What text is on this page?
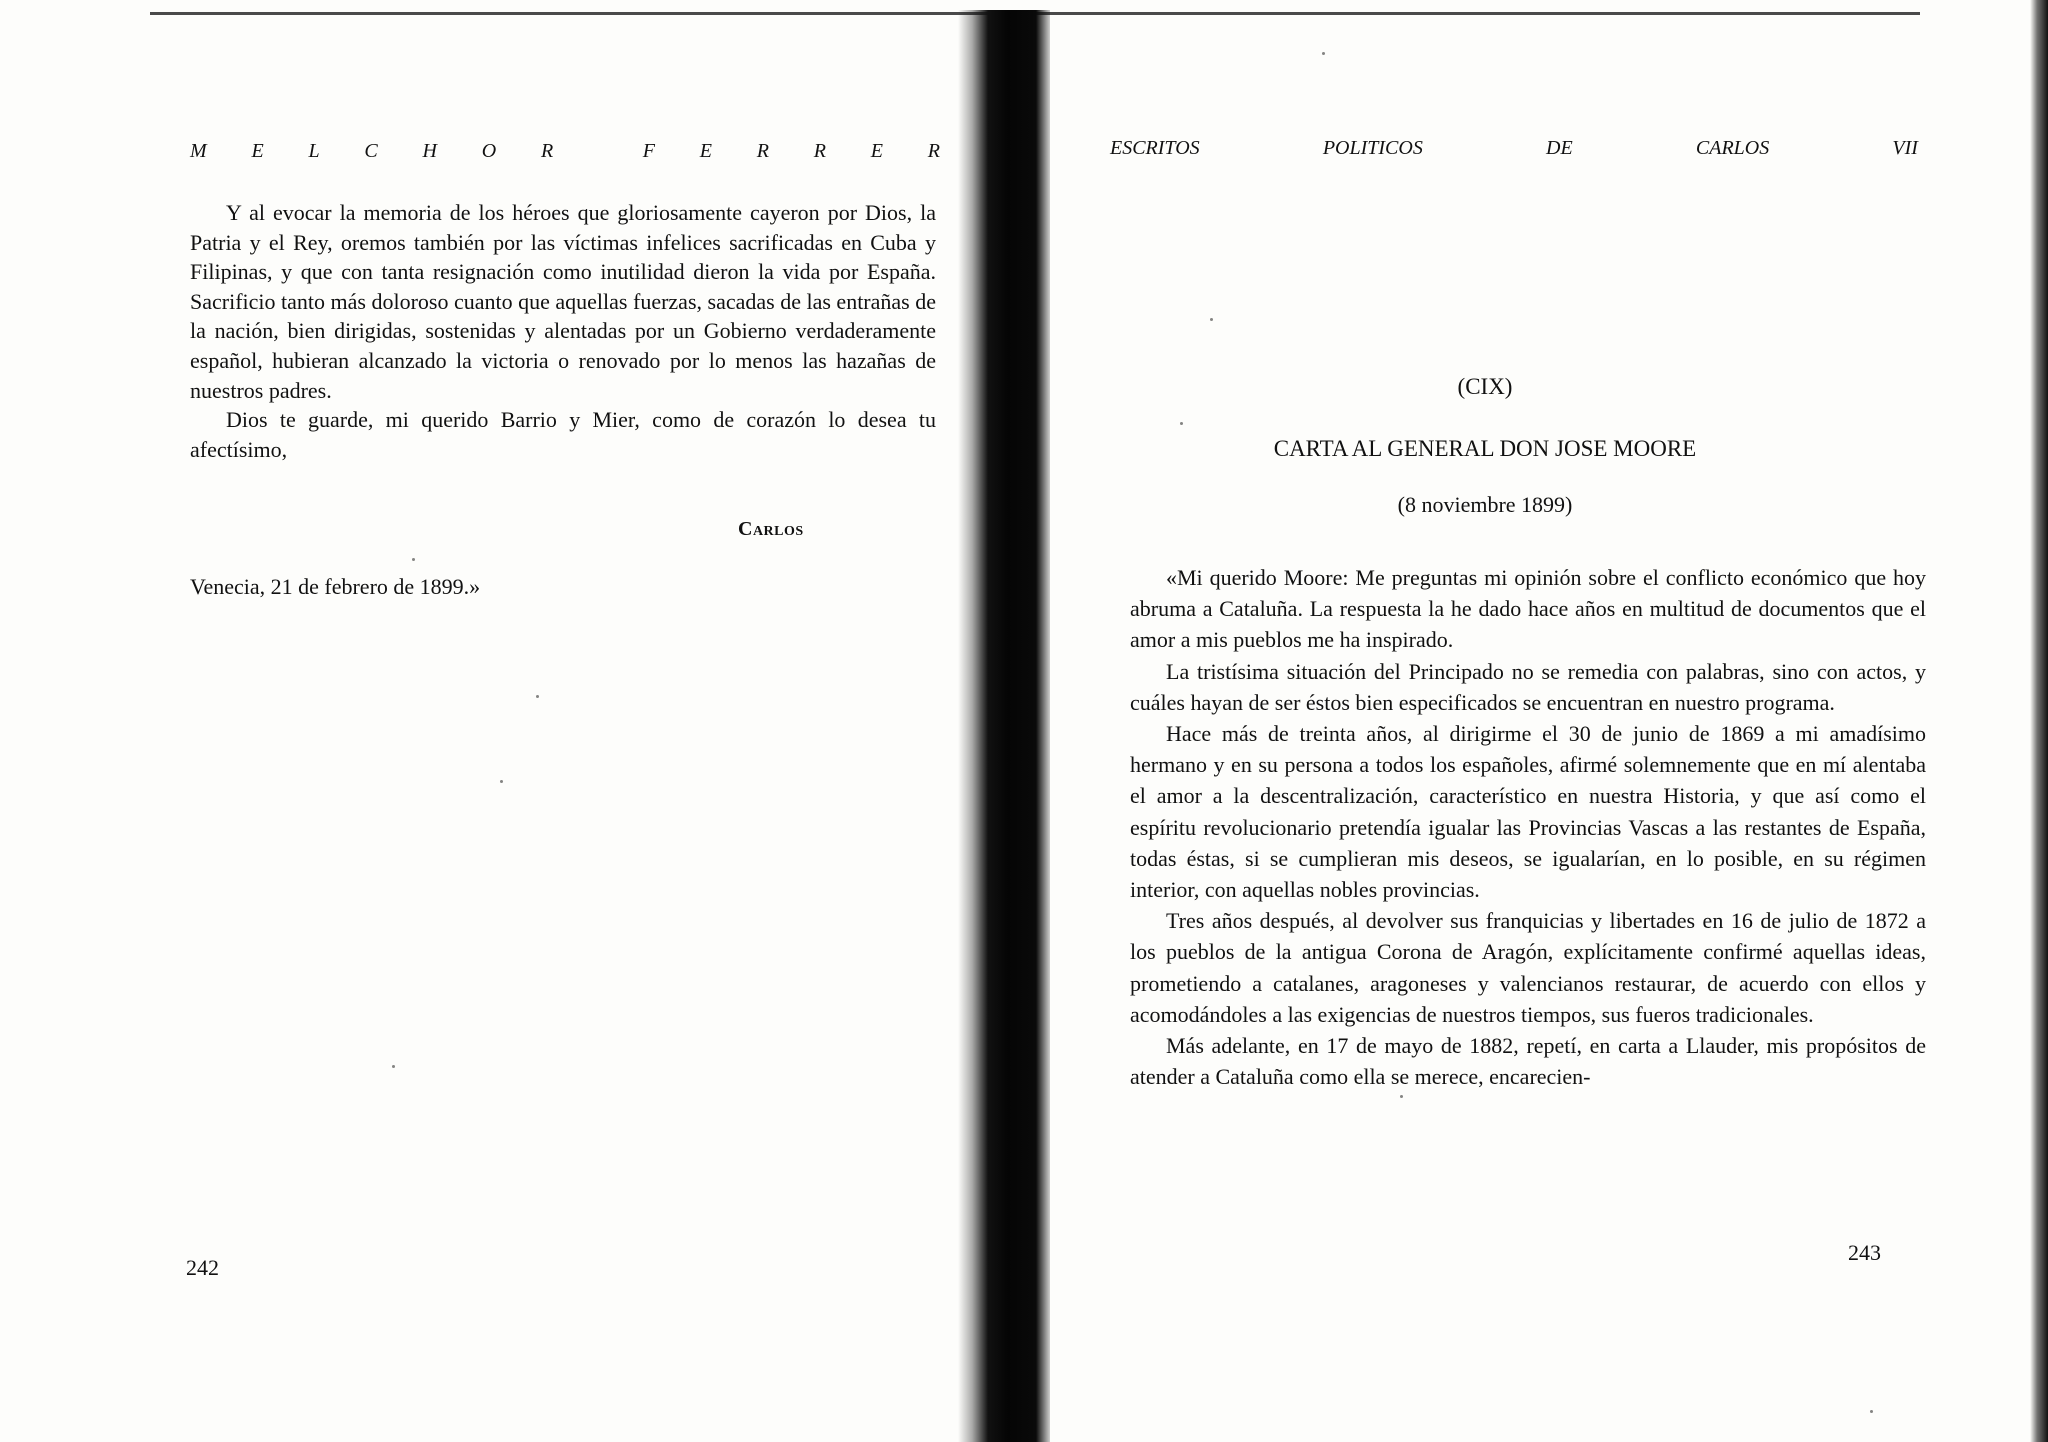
M E L C H O R	F E R R E R

Y al evocar la memoria de los héroes que gloriosamente cayeron por Dios, la Patria y el Rey, oremos también por las víctimas infelices sacrificadas en Cuba y Filipinas, y que con tanta resignación como inutilidad dieron la vida por España. Sacrificio tanto más doloroso cuanto que aquellas fuerzas, sacadas de las entrañas de la nación, bien dirigidas, sostenidas y alentadas por un Gobierno verdaderamente español, hubieran alcanzado la victoria o renovado por lo menos las hazañas de nuestros padres.

Dios te guarde, mi querido Barrio y Mier, como de corazón lo desea tu afectísimo,

Carlos
Venecia, 21 de febrero de 1899.»
242
ESCRITOS	POLITICOS	DE	CARLOS	VII
(CIX)
CARTA AL GENERAL DON JOSE MOORE
(8 noviembre 1899)

«Mi querido Moore: Me preguntas mi opinión sobre el conflicto económico que hoy abruma a Cataluña. La respuesta la he dado hace años en multitud de documentos que el amor a mis pueblos me ha inspirado.

La tristísima situación del Principado no se remedia con palabras, sino con actos, y cuáles hayan de ser éstos bien especificados se encuentran en nuestro programa.

Hace más de treinta años, al dirigirme el 30 de junio de 1869 a mi amadísimo hermano y en su persona a todos los españoles, afirmé solemnemente que en mí alentaba el amor a la descentralización, característico en nuestra Historia, y que así como el espíritu revolucionario pretendía igualar las Provincias Vascas a las restantes de España, todas éstas, si se cumplieran mis deseos, se igualarían, en lo posible, en su régimen interior, con aquellas nobles provincias.

Tres años después, al devolver sus franquicias y libertades en 16 de julio de 1872 a los pueblos de la antigua Corona de Aragón, explícitamente confirmé aquellas ideas, prometiendo a catalanes, aragoneses y valencianos restaurar, de acuerdo con ellos y acomodándoles a las exigencias de nuestros tiempos, sus fueros tradicionales.

Más adelante, en 17 de mayo de 1882, repetí, en carta a Llauder, mis propósitos de atender a Cataluña como ella se merece, encarecien-

243
